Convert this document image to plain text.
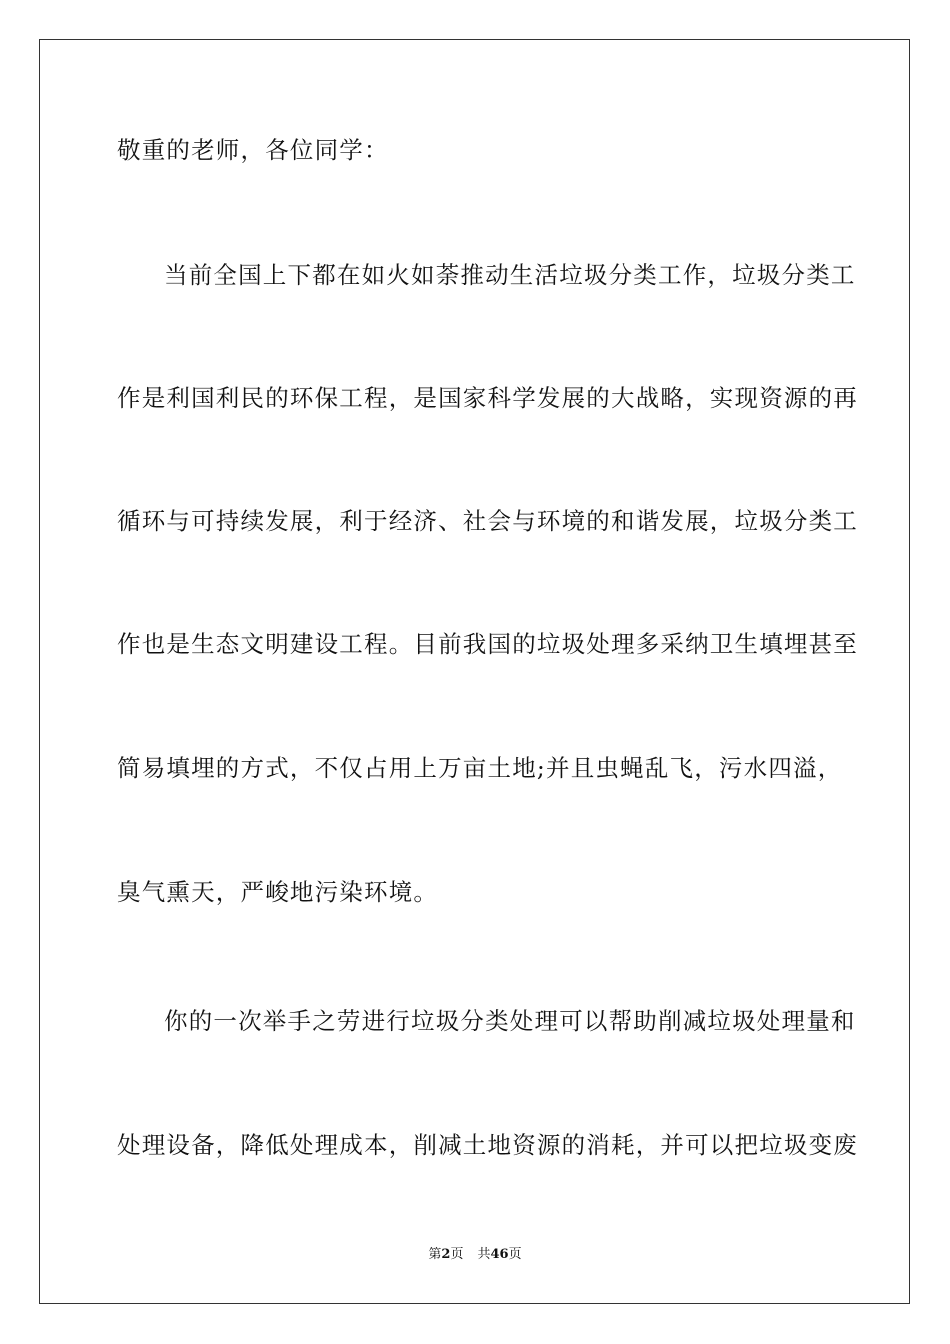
敬重的老师，各位同学：
当前全国上下都在如火如荼推动生活垃圾分类工作，垃圾分类工
作是利国利民的环保工程，是国家科学发展的大战略，实现资源的再
循环与可持续发展，利于经济、社会与环境的和谐发展，垃圾分类工
作也是生态文明建设工程。目前我国的垃圾处理多采纳卫生填埋甚至
简易填埋的方式，不仅占用上万亩土地;并且虫蝇乱飞，污水四溢，
臭气熏天，严峻地污染环境。
你的一次举手之劳进行垃圾分类处理可以帮助削减垃圾处理量和
处理设备，降低处理成本，削减土地资源的消耗，并可以把垃圾变废
第2页 共46页
